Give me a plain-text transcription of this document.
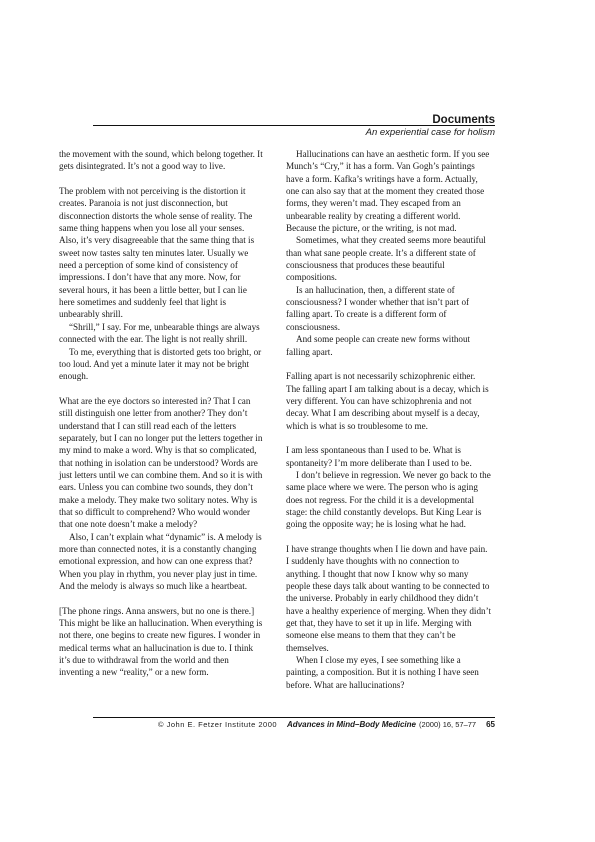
Documents
An experiential case for holism

the movement with the sound, which belong together. It gets disintegrated. It’s not a good way to live.

The problem with not perceiving is the distortion it creates. Paranoia is not just disconnection, but disconnection distorts the whole sense of reality. The same thing happens when you lose all your senses. Also, it’s very disagreeable that the same thing that is sweet now tastes salty ten minutes later. Usually we need a perception of some kind of consistency of impressions. I don’t have that any more. Now, for several hours, it has been a little better, but I can lie here sometimes and suddenly feel that light is unbearably shrill.

“Shrill,” I say. For me, unbearable things are always connected with the ear. The light is not really shrill.

To me, everything that is distorted gets too bright, or too loud. And yet a minute later it may not be bright enough.

What are the eye doctors so interested in? That I can still distinguish one letter from another? They don’t understand that I can still read each of the letters separately, but I can no longer put the letters together in my mind to make a word. Why is that so complicated, that nothing in isolation can be understood? Words are just letters until we can combine them. And so it is with ears. Unless you can combine two sounds, they don’t make a melody. They make two solitary notes. Why is that so difficult to comprehend? Who would wonder that one note doesn’t make a melody?

Also, I can’t explain what “dynamic” is. A melody is more than connected notes, it is a constantly changing emotional expression, and how can one express that? When you play in rhythm, you never play just in time. And the melody is always so much like a heartbeat.

[The phone rings. Anna answers, but no one is there.] This might be like an hallucination. When everything is not there, one begins to create new figures. I wonder in medical terms what an hallucination is due to. I think it’s due to withdrawal from the world and then inventing a new “reality,” or a new form.

Hallucinations can have an aesthetic form. If you see Munch’s “Cry,” it has a form. Van Gogh’s paintings have a form. Kafka’s writings have a form. Actually, one can also say that at the moment they created those forms, they weren’t mad. They escaped from an unbearable reality by creating a different world. Because the picture, or the writing, is not mad.

Sometimes, what they created seems more beautiful than what sane people create. It’s a different state of consciousness that produces these beautiful compositions.

Is an hallucination, then, a different state of consciousness? I wonder whether that isn’t part of falling apart. To create is a different form of consciousness.

And some people can create new forms without falling apart.

Falling apart is not necessarily schizophrenic either. The falling apart I am talking about is a decay, which is very different. You can have schizophrenia and not decay. What I am describing about myself is a decay, which is what is so troublesome to me.

I am less spontaneous than I used to be. What is spontaneity? I’m more deliberate than I used to be.

I don’t believe in regression. We never go back to the same place where we were. The person who is aging does not regress. For the child it is a developmental stage: the child constantly develops. But King Lear is going the opposite way; he is losing what he had.

I have strange thoughts when I lie down and have pain. I suddenly have thoughts with no connection to anything. I thought that now I know why so many people these days talk about wanting to be connected to the universe. Probably in early childhood they didn’t have a healthy experience of merging. When they didn’t get that, they have to set it up in life. Merging with someone else means to them that they can’t be themselves.

When I close my eyes, I see something like a painting, a composition. But it is nothing I have seen before. What are hallucinations?

© John E. Fetzer Institute 2000 Advances in Mind–Body Medicine (2000) 16, 57–77 65
